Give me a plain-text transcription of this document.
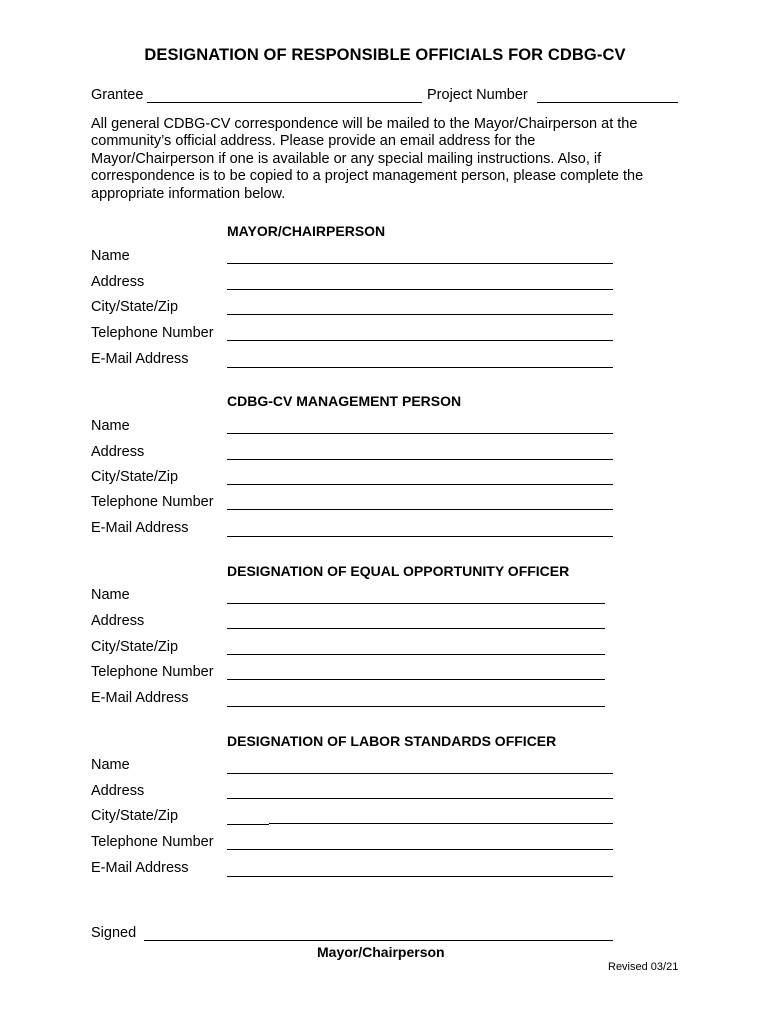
DESIGNATION OF RESPONSIBLE OFFICIALS FOR CDBG-CV
Grantee	Project Number
All general CDBG-CV correspondence will be mailed to the Mayor/Chairperson at the
community’s official address. Please provide an email address for the
Mayor/Chairperson if one is available or any special mailing instructions. Also, if
correspondence is to be copied to a project management person, please complete the
appropriate information below.
MAYOR/CHAIRPERSON
Name
Address
City/State/Zip
Telephone Number
E-Mail Address
CDBG-CV MANAGEMENT PERSON
Name
Address
City/State/Zip
Telephone Number
E-Mail Address
DESIGNATION OF EQUAL OPPORTUNITY OFFICER
Name
Address
City/State/Zip
Telephone Number
E-Mail Address
DESIGNATION OF LABOR STANDARDS OFFICER
Name
Address
City/State/Zip
Telephone Number
E-Mail Address
Signed
Mayor/Chairperson
Revised 03/21
